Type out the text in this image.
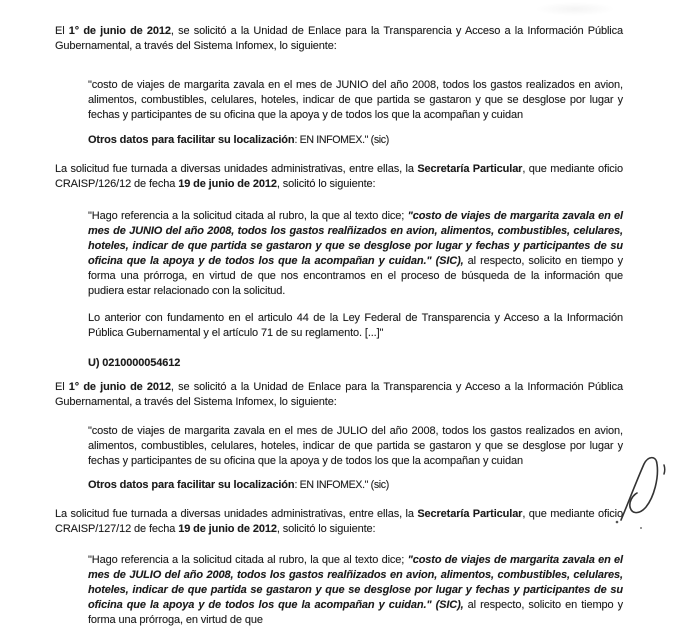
El 1° de junio de 2012, se solicitó a la Unidad de Enlace para la Transparencia y Acceso a la Información Pública Gubernamental, a través del Sistema Infomex, lo siguiente:

"costo de viajes de margarita zavala en el mes de JUNIO del año 2008, todos los gastos realizados en avion, alimentos, combustibles, celulares, hoteles, indicar de que partida se gastaron y que se desglose por lugar y fechas y participantes de su oficina que la apoya y de todos los que la acompañan y cuidan

Otros datos para facilitar su localización: EN INFOMEX." (sic)

La solicitud fue turnada a diversas unidades administrativas, entre ellas, la Secretaría Particular, que mediante oficio CRAISP/126/12 de fecha 19 de junio de 2012, solicitó lo siguiente:

"Hago referencia a la solicitud citada al rubro, la que al texto dice; "costo de viajes de margarita zavala en el mes de JUNIO del año 2008, todos los gastos realñizados en avion, alimentos, combustibles, celulares, hoteles, indicar de que partida se gastaron y que se desglose por lugar y fechas y participantes de su oficina que la apoya y de todos los que la acompañan y cuidan." (SIC), al respecto, solicito en tiempo y forma una prórroga, en virtud de que nos encontramos en el proceso de búsqueda de la información que pudiera estar relacionado con la solicitud.

Lo anterior con fundamento en el articulo 44 de la Ley Federal de Transparencia y Acceso a la Información Pública Gubernamental y el artículo 71 de su reglamento. [...]"

U) 0210000054612

El 1° de junio de 2012, se solicitó a la Unidad de Enlace para la Transparencia y Acceso a la Información Pública Gubernamental, a través del Sistema Infomex, lo siguiente:

"costo de viajes de margarita zavala en el mes de JULIO del año 2008, todos los gastos realizados en avion, alimentos, combustibles, celulares, hoteles, indicar de que partida se gastaron y que se desglose por lugar y fechas y participantes de su oficina que la apoya y de todos los que la acompañan y cuidan

Otros datos para facilitar su localización: EN INFOMEX." (sic)

La solicitud fue turnada a diversas unidades administrativas, entre ellas, la Secretaría Particular, que mediante oficio CRAISP/127/12 de fecha 19 de junio de 2012, solicitó lo siguiente:

"Hago referencia a la solicitud citada al rubro, la que al texto dice; "costo de viajes de margarita zavala en el mes de JULIO del año 2008, todos los gastos realñizados en avion, alimentos, combustibles, celulares, hoteles, indicar de que partida se gastaron y que se desglose por lugar y fechas y participantes de su oficina que la apoya y de todos los que la acompañan y cuidan." (SIC), al respecto, solicito en tiempo y forma una prórroga, en virtud de que
